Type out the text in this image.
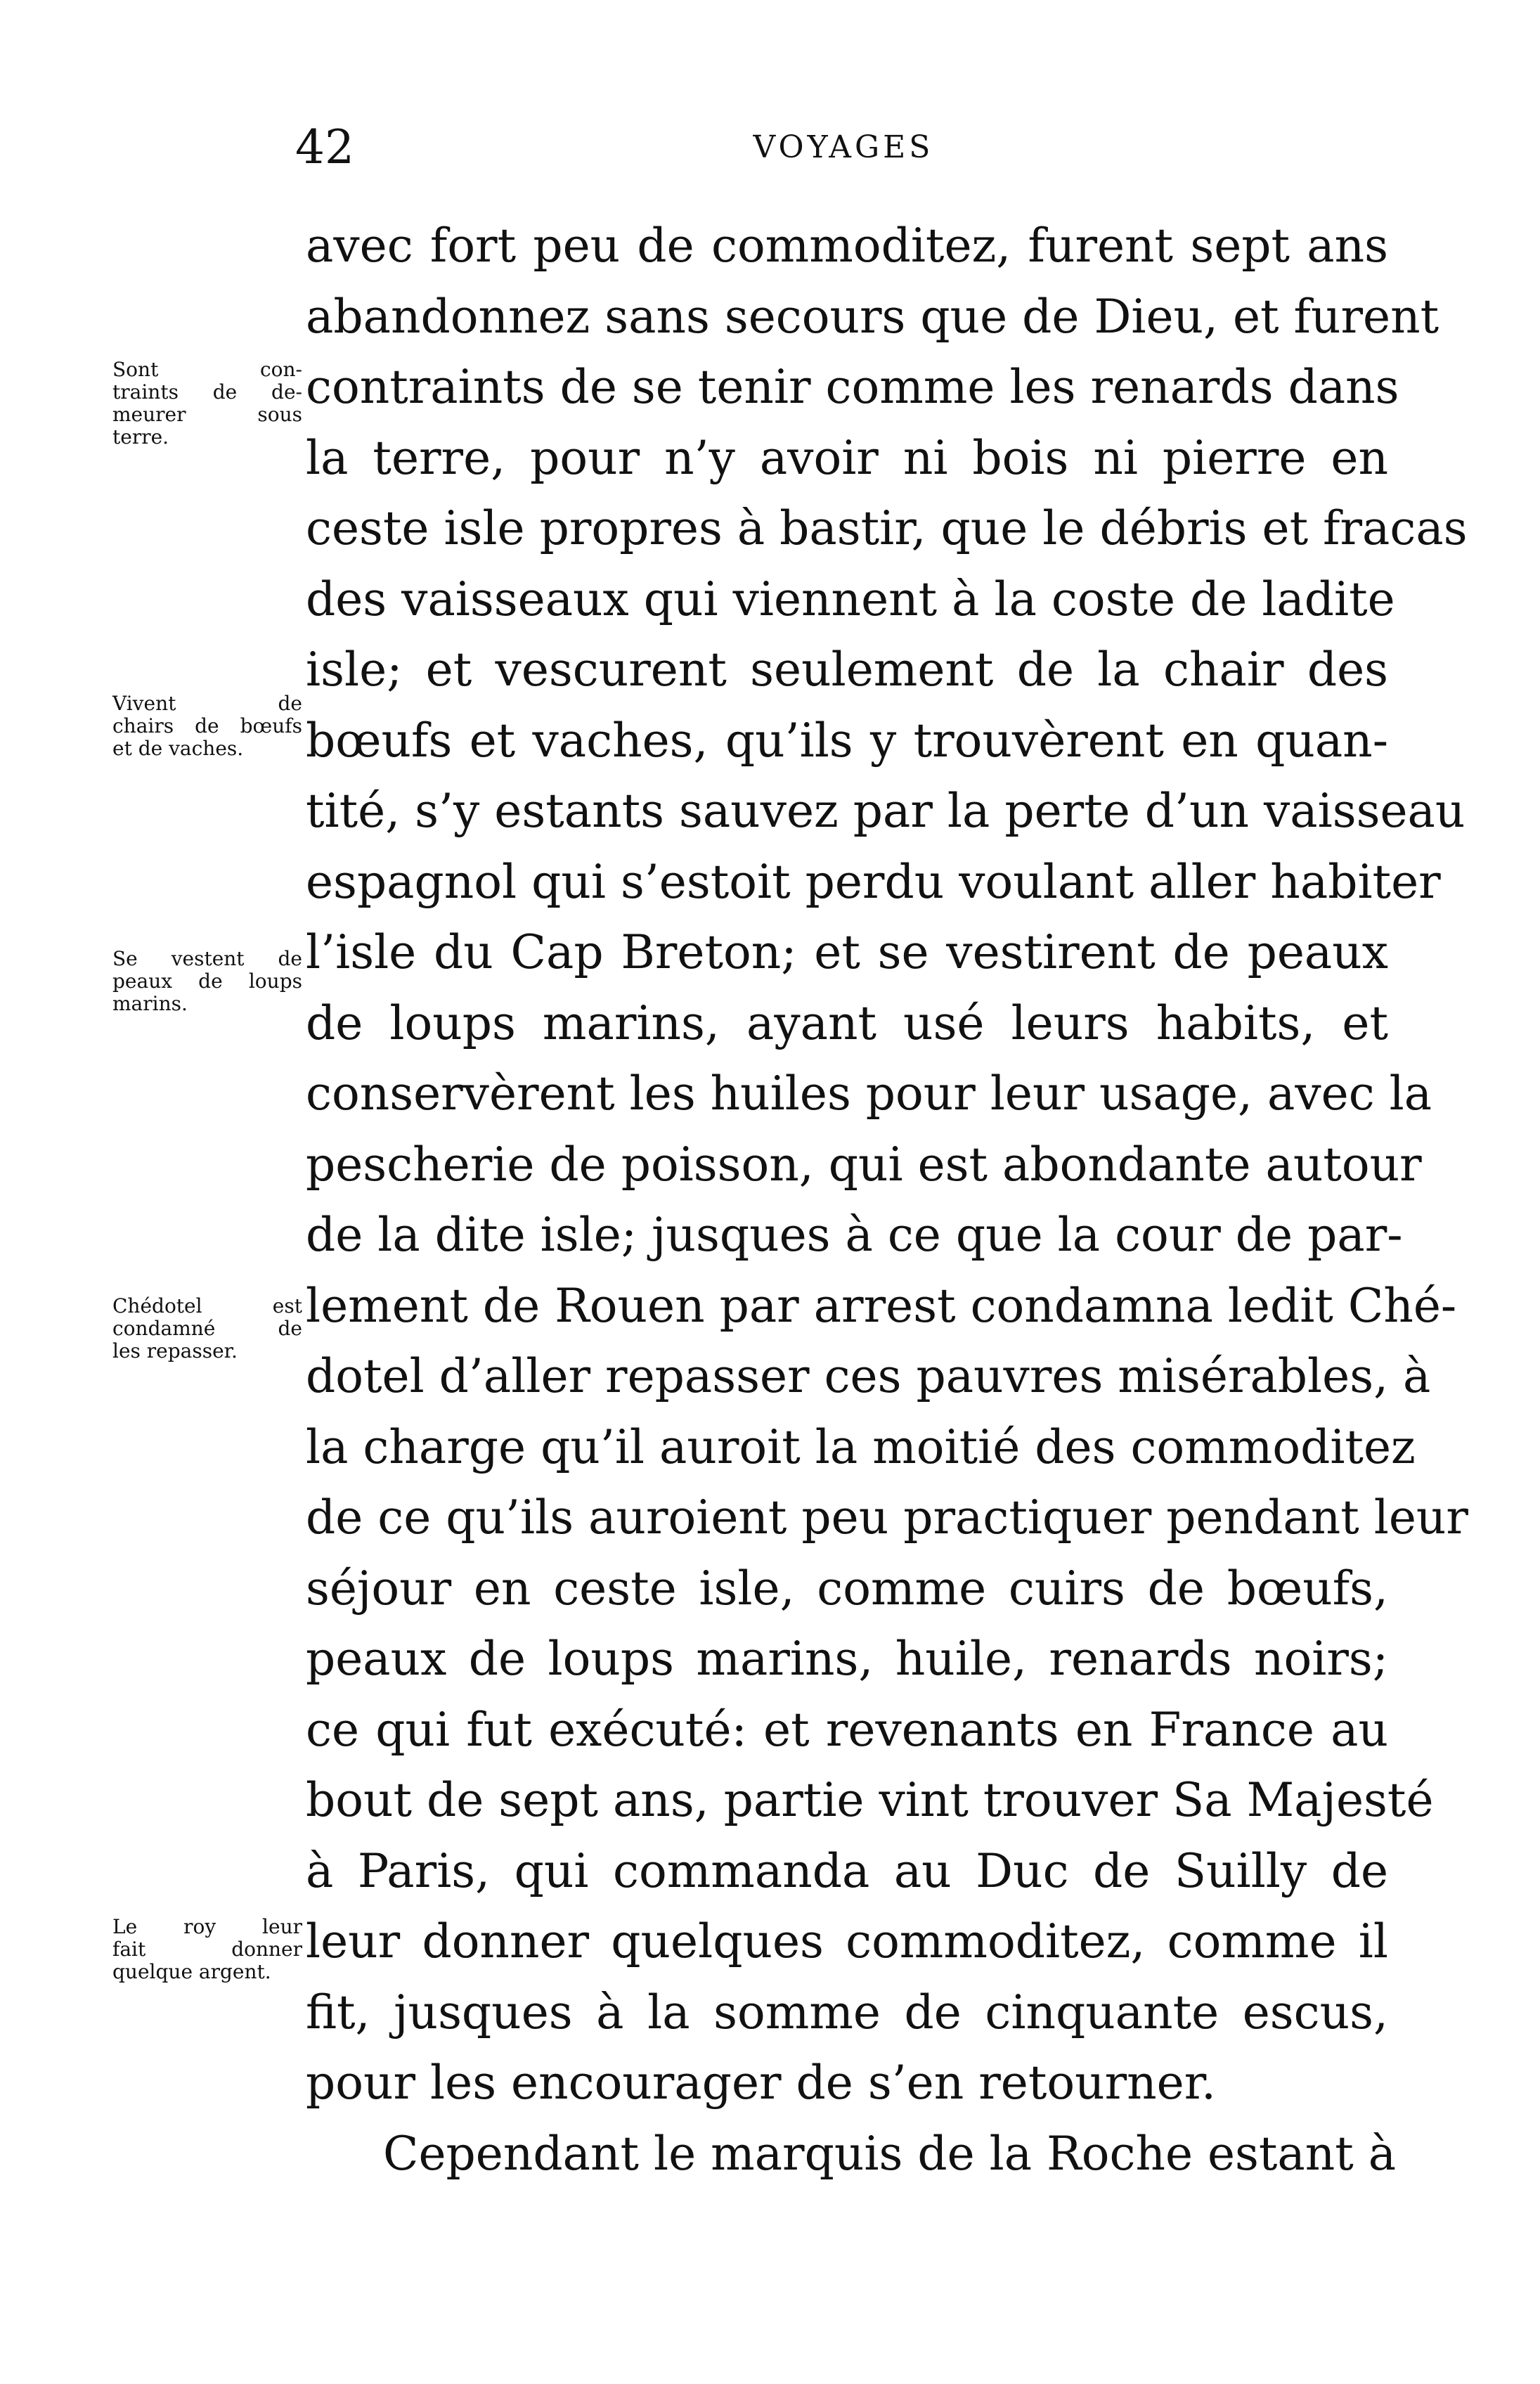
42	VOYAGES
avec fort peu de commoditez, furent sept ans
abandonnez sans secours que de Dieu, et furent
contraints de se tenir comme les renards dans
la terre, pour n’y avoir ni bois ni pierre en
ceste isle propres à bastir, que le débris et fracas
des vaisseaux qui viennent à la coste de ladite
isle; et vescurent seulement de la chair des
bœufs et vaches, qu’ils y trouvèrent en quan-
tité, s’y estants sauvez par la perte d’un vaisseau
espagnol qui s’estoit perdu voulant aller habiter
l’isle du Cap Breton; et se vestirent de peaux
de loups marins, ayant usé leurs habits, et
conservèrent les huiles pour leur usage, avec la
pescherie de poisson, qui est abondante autour
de la dite isle; jusques à ce que la cour de par-
lement de Rouen par arrest condamna ledit Ché-
dotel d’aller repasser ces pauvres misérables, à
la charge qu’il auroit la moitié des commoditez
de ce qu’ils auroient peu practiquer pendant leur
séjour en ceste isle, comme cuirs de bœufs,
peaux de loups marins, huile, renards noirs;
ce qui fut exécuté: et revenants en France au
bout de sept ans, partie vint trouver Sa Majesté
à Paris, qui commanda au Duc de Suilly de
leur donner quelques commoditez, comme il
fit, jusques à la somme de cinquante escus,
pour les encourager de s’en retourner.
Cependant le marquis de la Roche estant à
Sont con-
traints de de-
meurer sous
terre.
Vivent de
chairs de bœufs
et de vaches.
Se vestent de
peaux de loups
marins.
Chédotel est
condamné de
les repasser.
Le roy leur
fait donner
quelque argent.
